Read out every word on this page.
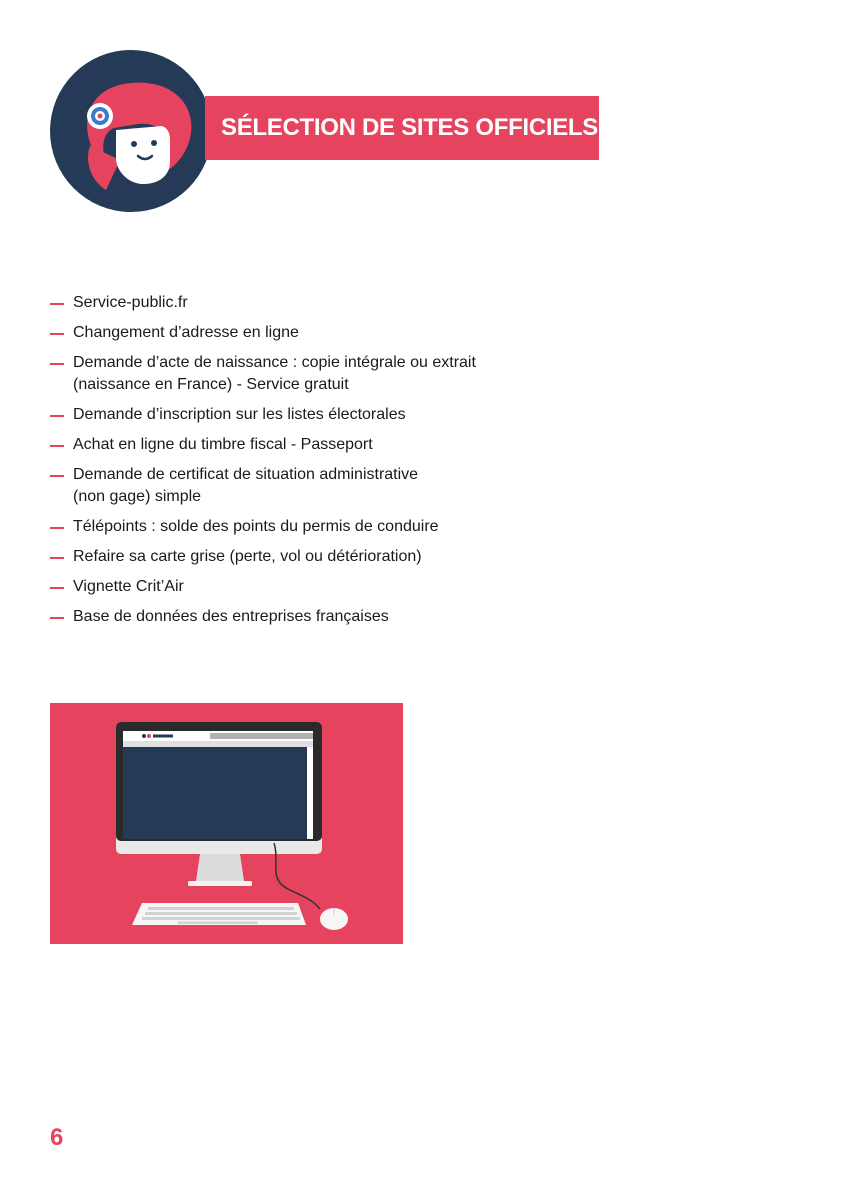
SÉLECTION DE SITES OFFICIELS
Service-public.fr
Changement d’adresse en ligne
Demande d’acte de naissance : copie intégrale ou extrait
(naissance en France) - Service gratuit
Demande d’inscription sur les listes électorales
Achat en ligne du timbre fiscal - Passeport
Demande de certificat de situation administrative
(non gage) simple
Télépoints : solde des points du permis de conduire
Refaire sa carte grise (perte, vol ou détérioration)
Vignette Crit’Air
Base de données des entreprises françaises
6
